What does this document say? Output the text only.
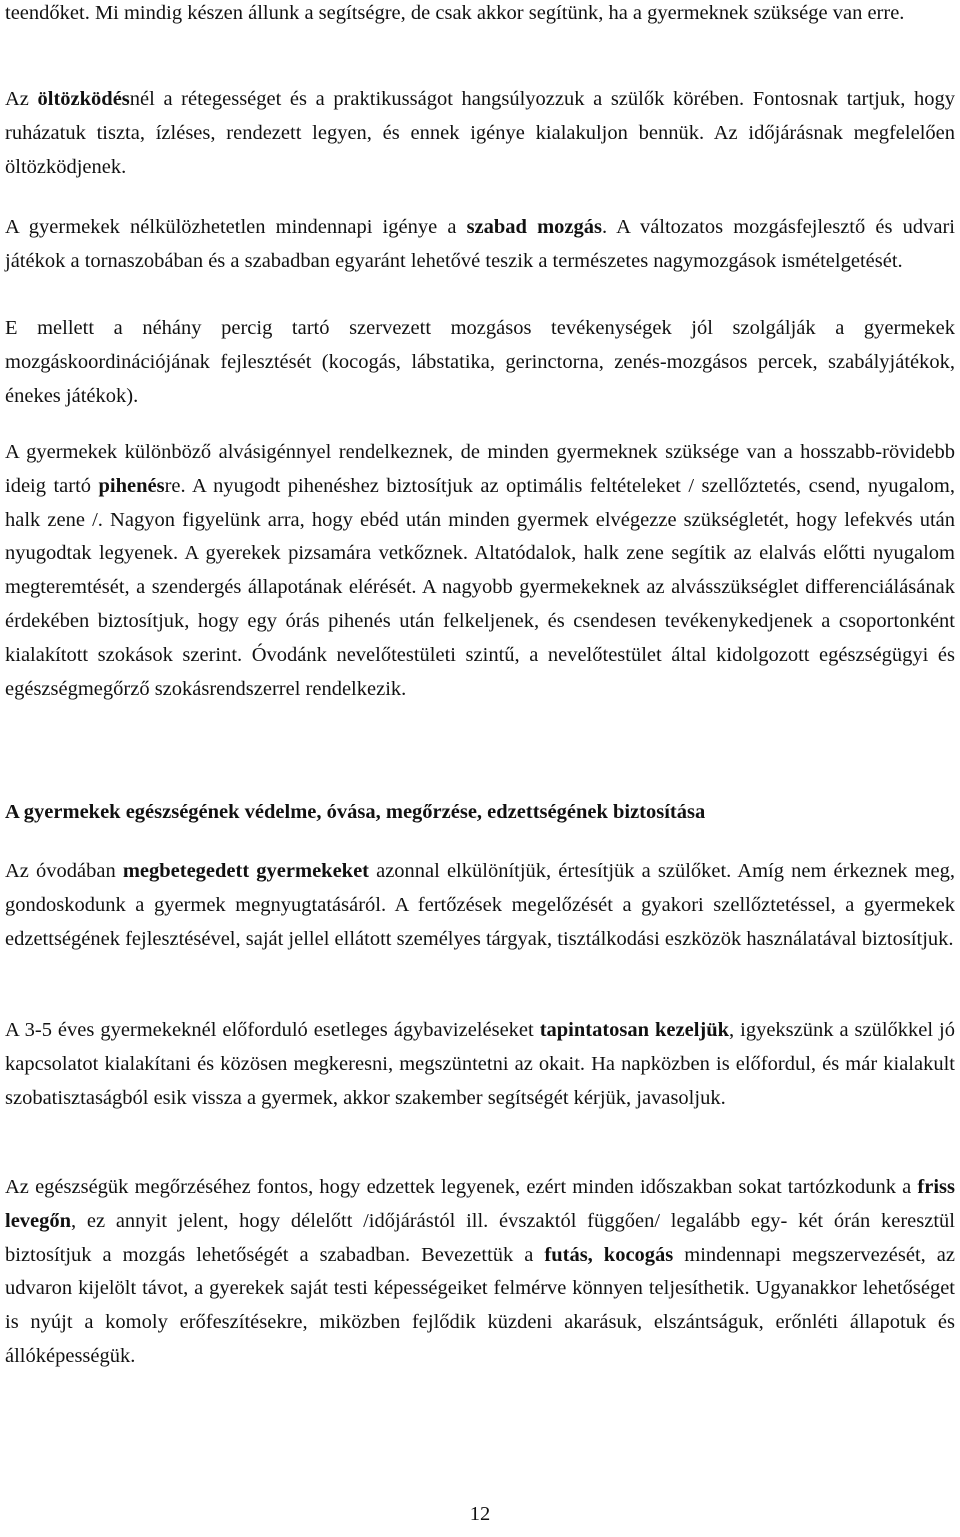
teendőket. Mi mindig készen állunk a segítségre, de csak akkor segítünk, ha a gyermeknek szüksége van erre.

Az öltözködésnél a rétegességet és a praktikusságot hangsúlyozzuk a szülők körében. Fontosnak tartjuk, hogy ruházatuk tiszta, ízléses, rendezett legyen, és ennek igénye kialakuljon bennük. Az időjárásnak megfelelően öltözködjenek.

A gyermekek nélkülözhetetlen mindennapi igénye a szabad mozgás. A változatos mozgásfejlesztő és udvari játékok a tornaszobában és a szabadban egyaránt lehetővé teszik a természetes nagymozgások ismételgetését.

E mellett a néhány percig tartó szervezett mozgásos tevékenységek jól szolgálják a gyermekek mozgáskoordinációjának fejlesztését (kocogás, lábstatika, gerinctorna, zenés-mozgásos percek, szabályjátékok, énekes játékok).

A gyermekek különböző alvásigénnyel rendelkeznek, de minden gyermeknek szüksége van a hosszabb-rövidebb ideig tartó pihenésre. A nyugodt pihenéshez biztosítjuk az optimális feltételeket / szellőztetés, csend, nyugalom, halk zene /. Nagyon figyelünk arra, hogy ebéd után minden gyermek elvégezze szükségletét, hogy lefekvés után nyugodtak legyenek. A gyerekek pizsamára vetkőznek. Altatódalok, halk zene segítik az elalvás előtti nyugalom megteremtését, a szendergés állapotának elérését. A nagyobb gyermekeknek az alvásszükséglet differenciálásának érdekében biztosítjuk, hogy egy órás pihenés után felkeljenek, és csendesen tevékenykedjenek a csoportonként kialakított szokások szerint. Óvodánk nevelőtestületi szintű, a nevelőtestület által kidolgozott egészségügyi és egészségmegőrző szokásrendszerrel rendelkezik.

A gyermekek egészségének védelme, óvása, megőrzése, edzettségének biztosítása

Az óvodában megbetegedett gyermekeket azonnal elkülönítjük, értesítjük a szülőket. Amíg nem érkeznek meg, gondoskodunk a gyermek megnyugtatásáról. A fertőzések megelőzését a gyakori szellőztetéssel, a gyermekek edzettségének fejlesztésével, saját jellel ellátott személyes tárgyak, tisztálkodási eszközök használatával biztosítjuk.

A 3-5 éves gyermekeknél előforduló esetleges ágybavizeléseket tapintatosan kezeljük, igyekszünk a szülőkkel jó kapcsolatot kialakítani és közösen megkeresni, megszüntetni az okait. Ha napközben is előfordul, és már kialakult szobatisztaságból esik vissza a gyermek, akkor szakember segítségét kérjük, javasoljuk.

Az egészségük megőrzéséhez fontos, hogy edzettek legyenek, ezért minden időszakban sokat tartózkodunk a friss levegőn, ez annyit jelent, hogy délelőtt /időjárástól ill. évszaktól függően/ legalább egy- két órán keresztül biztosítjuk a mozgás lehetőségét a szabadban. Bevezettük a futás, kocogás mindennapi megszervezését, az udvaron kijelölt távot, a gyerekek saját testi képességeiket felmérve könnyen teljesíthetik. Ugyanakkor lehetőséget is nyújt a komoly erőfeszítésekre, miközben fejlődik küzdeni akarásuk, elszántságuk, erőnléti állapotuk és állóképességük.

12
